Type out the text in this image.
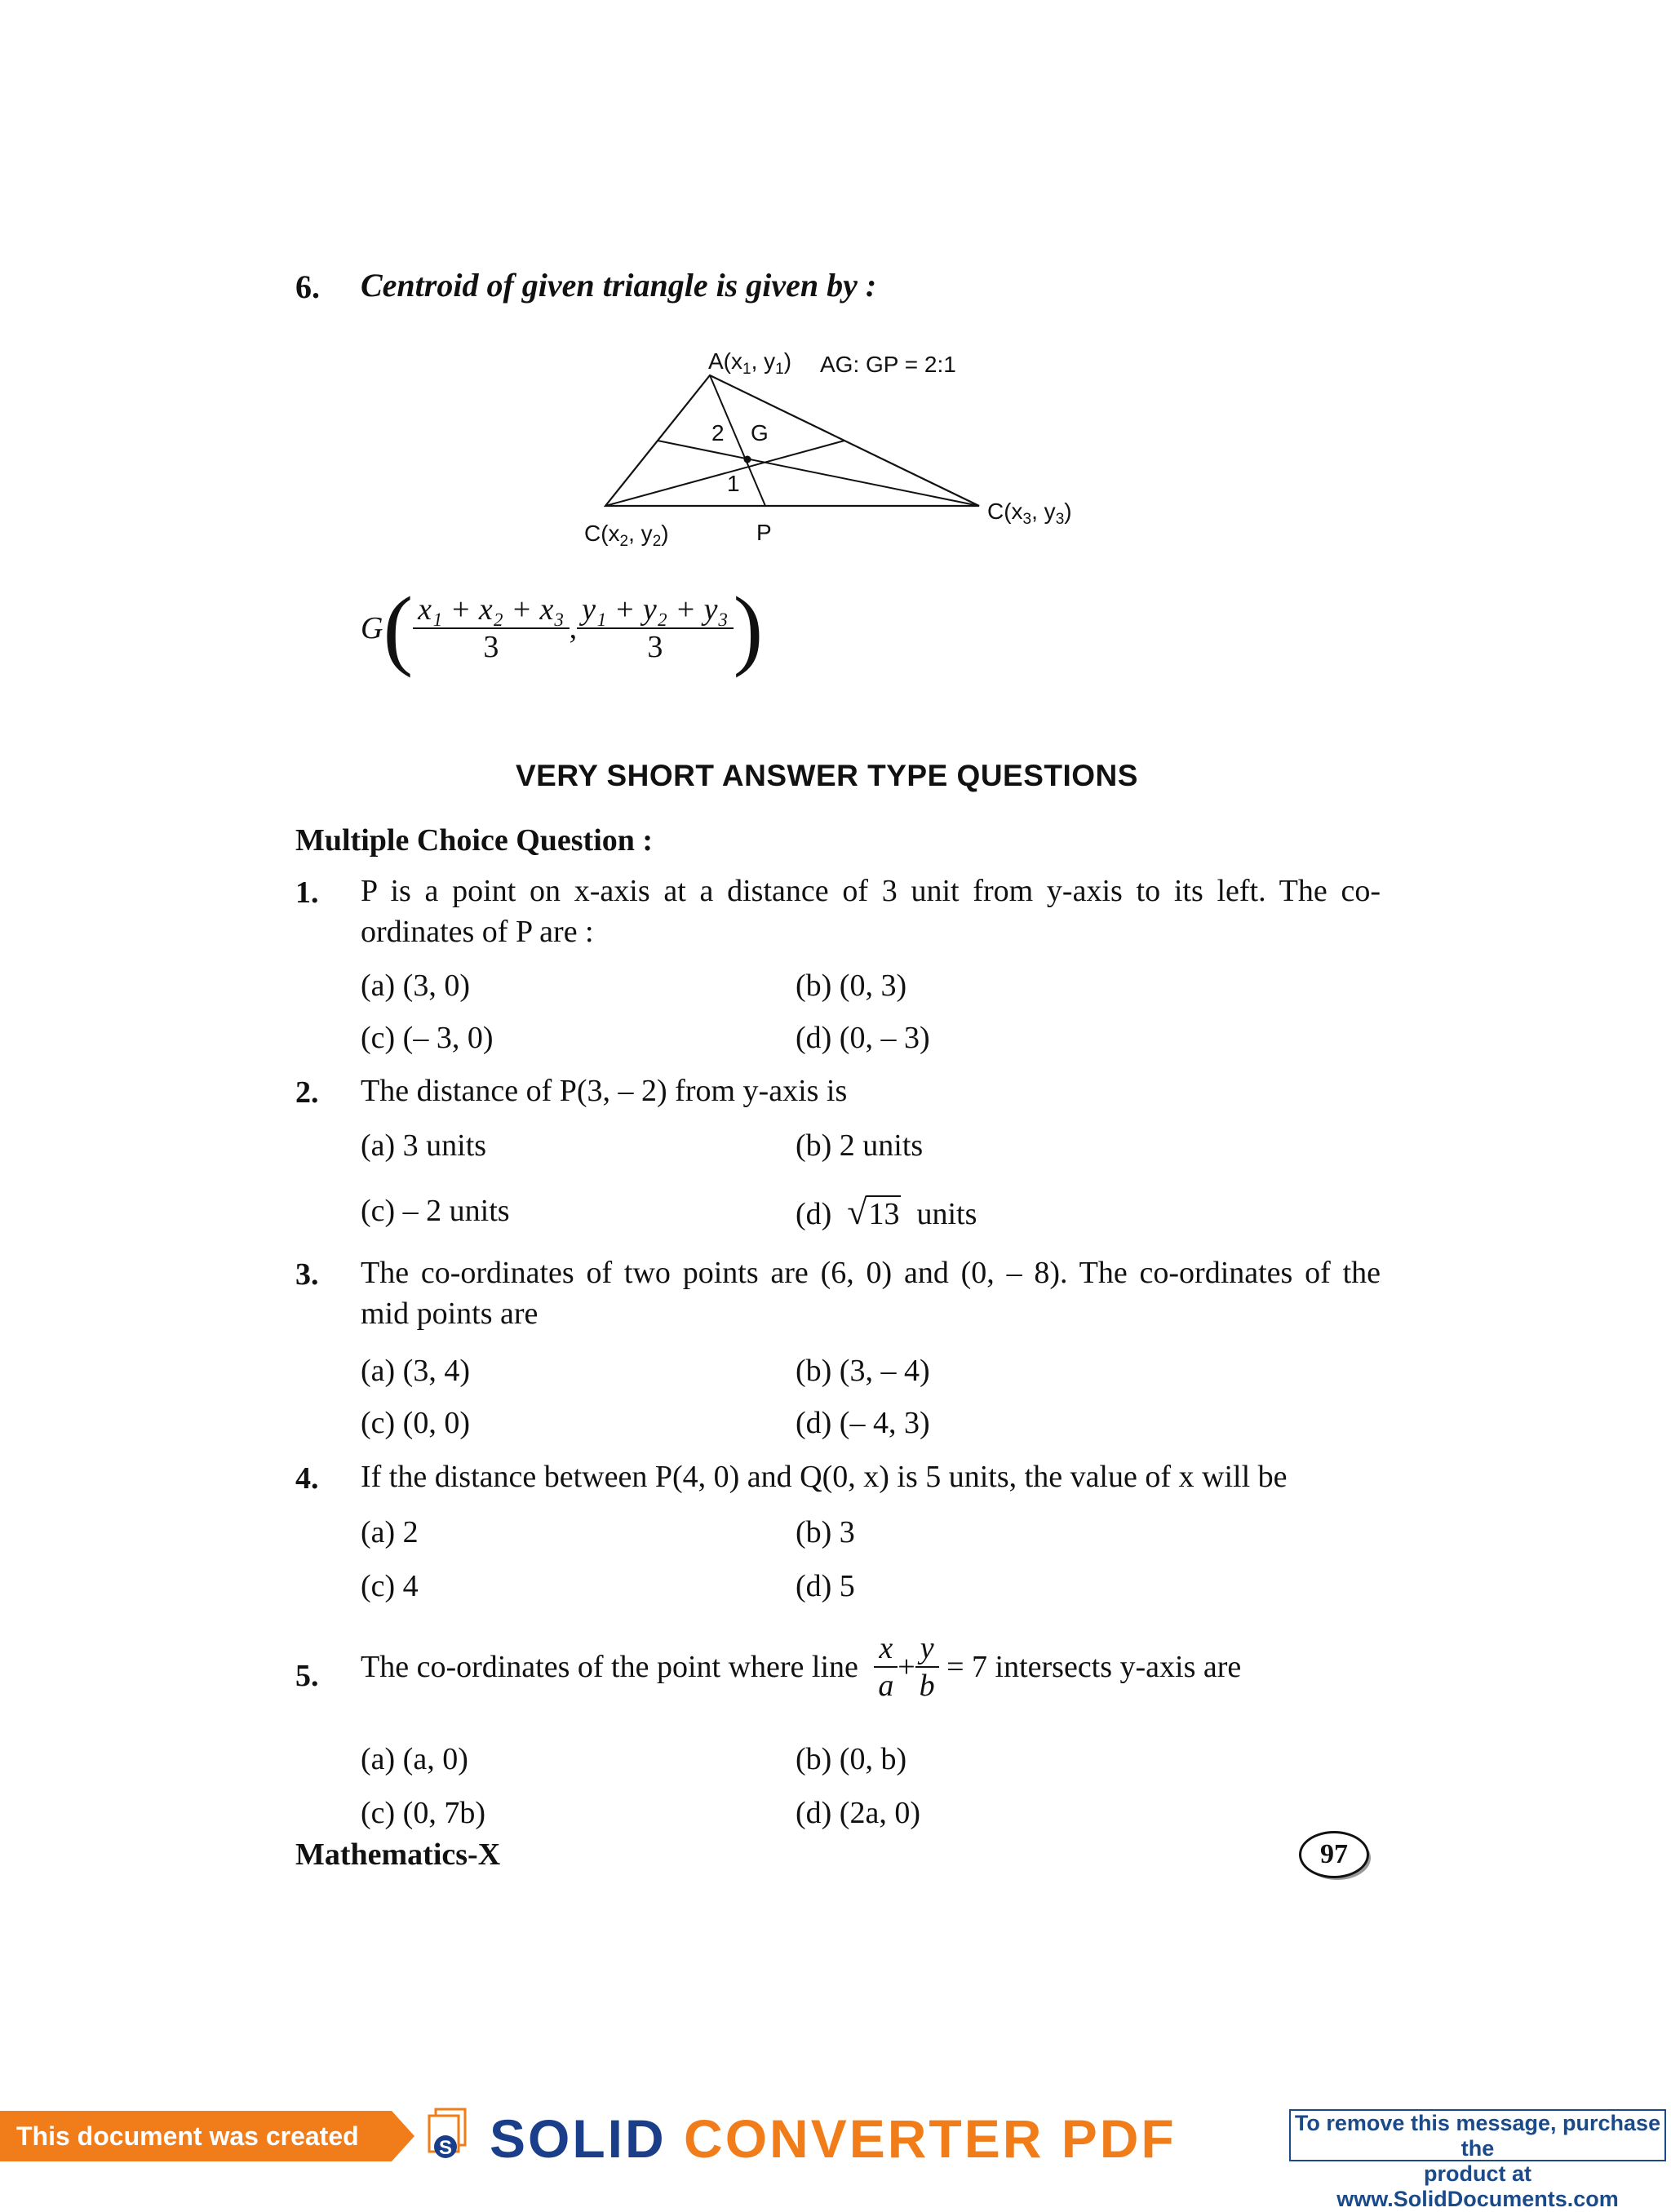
6. Centroid of given triangle is given by :
$A(x_1$, $y_1$) AG: GP = 2:1
2 G
1
$C(x_2$, $y_2$)	P
$C(x_3$, $y_3$)
$G( \frac{\text{x₁ + x₂ + x₃}}{3}$ , $\frac{\text{y₁ + y₂ + y₃}}{3}$ )
VERY SHORT ANSWER TYPE QUESTIONS
Multiple Choice Question :
1. P is a point on x-axis at a distance of 3 unit from y-axis to its left. The co-
ordinates of P are :
(a) (3, 0)	(b) (0, 3)
(c) (– 3, 0)	(d) (0, – 3)
2. The distance of P(3, – 2) from y-axis is
(a) 3 units	(b) 2 units
(c) – 2 units	(d) √13 units
3. The co-ordinates of two points are (6, 0) and (0, – 8). The co-ordinates of the
mid points are
(a) (3, 4)	(b) (3, – 4)
(c) (0, 0)	(d) (– 4, 3)
4. If the distance between P(4, 0) and Q(0, x) is 5 units, the value of x will be
(a) 2	(b) 3
(c) 4	(d) 5
5. The co-ordinates of the point where line $\frac{x}{a} + \frac{y}{b} = 7$ intersects y-axis are
(a) (a, 0)	(b) (0, b)
(c) (0, 7b)	(d) (2a, 0)
Mathematics-X	97
This document was created using
S SOLID CONVERTER PDF	To remove this message, purchase the
product at www.SolidDocuments.com
